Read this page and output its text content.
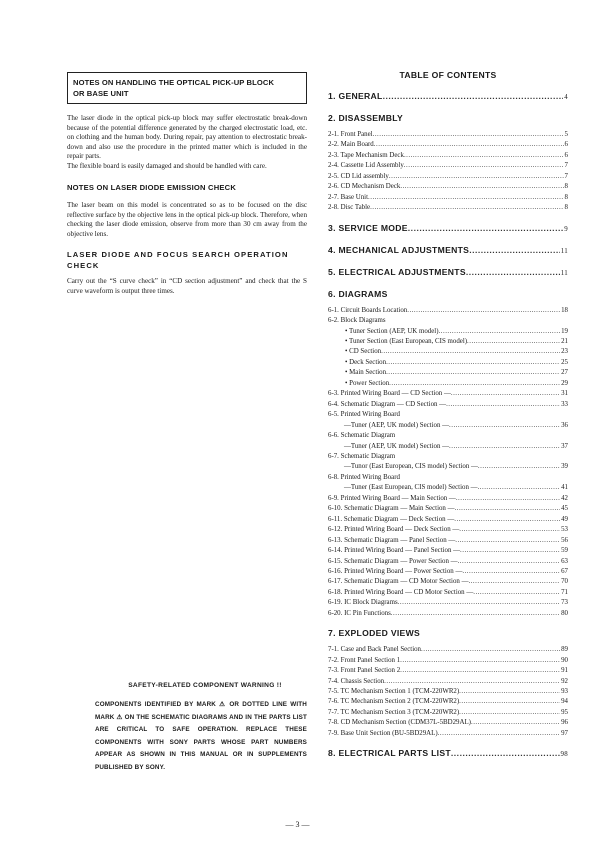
NOTES ON HANDLING THE OPTICAL PICK-UP BLOCK
OR BASE UNIT

The laser diode in the optical pick-up block may suffer electrostatic break-down because of the potential difference generated by the charged electrostatic load, etc. on clothing and the human body. During repair, pay attention to electrostatic break-down and also use the procedure in the printed matter which is included in the repair parts.

The flexible board is easily damaged and should be handled with care.

NOTES ON LASER DIODE EMISSION CHECK

The laser beam on this model is concentrated so as to be focused on the disc reflective surface by the objective lens in the optical pick-up block. Therefore, when checking the laser diode emission, observe from more than 30 cm away from the objective lens.

LASER DIODE AND FOCUS SEARCH OPERATION
CHECK

Carry out the “S curve check” in “CD section adjustment” and check that the S curve waveform is output three times.

SAFETY-RELATED COMPONENT WARNING !!

COMPONENTS IDENTIFIED BY MARK ⚠ OR DOTTED LINE WITH MARK ⚠ ON THE SCHEMATIC DIAGRAMS AND IN THE PARTS LIST ARE CRITICAL TO SAFE OPERATION. REPLACE THESE COMPONENTS WITH SONY PARTS WHOSE PART NUMBERS APPEAR AS SHOWN IN THIS MANUAL OR IN SUPPLEMENTS PUBLISHED BY SONY.

TABLE OF CONTENTS
1. GENERAL .....	4
2. DISASSEMBLY
2-1. Front Panel .....	5
2-2. Main Board .....	6
2-3. Tape Mechanism Deck .....	6
2-4. Cassette Lid Assembly .....	7
2-5. CD Lid assembly .....	7
2-6. CD Mechanism Deck .....	8
2-7. Base Unit .....	8
2-8. Disc Table .....	8
3. SERVICE MODE .....	9
4. MECHANICAL ADJUSTMENTS .....	11
5. ELECTRICAL ADJUSTMENTS .....	11
6. DIAGRAMS
6-1. Circuit Boards Location .....	18
6-2. Block Diagrams
• Tuner Section (AEP, UK model) .....	19
• Tuner Section (East European, CIS model) .....	21
• CD Section .....	23
• Deck Section .....	25
• Main Section .....	27
• Power Section .....	29
6-3. Printed Wiring Board — CD Section — .....	31
6-4. Schematic Diagram — CD Section — .....	33
6-5. Printed Wiring Board
—Tuner (AEP, UK model) Section — .....	36
6-6. Schematic Diagram
—Tuner (AEP, UK model) Section — .....	37
6-7. Schematic Diagram
—Tunor (East European, CIS model) Section — .....	39
6-8. Printed Wiring Board
—Tuner (East European, CIS model) Section — .....	41
6-9. Printed Wiring Board — Main Section — .....	42
6-10. Schematic Diagram — Main Section — .....	45
6-11. Schematic Diagram — Deck Section — .....	49
6-12. Printed Wiring Board — Deck Section — .....	53
6-13. Schematic Diagram — Panel Section — .....	56
6-14. Printed Wiring Board — Panel Section — .....	59
6-15. Schematic Diagram — Power Section — .....	63
6-16. Printed Wiring Board — Power Section — .....	67
6-17. Schematic Diagram — CD Motor Section — .....	70
6-18. Printed Wiring Board — CD Motor Section — .....	71
6-19. IC Block Diagrams .....	73
6-20. IC Pin Functions .....	80
7. EXPLODED VIEWS
7-1. Case and Back Panel Section .....	89
7-2. Front Panel Section 1 .....	90
7-3. Front Panel Section 2 .....	91
7-4. Chassis Section .....	92
7-5. TC Mechanism Section 1 (TCM-220WR2) .....	93
7-6. TC Mechanism Section 2 (TCM-220WR2) .....	94
7-7. TC Mechanism Section 3 (TCM-220WR2) .....	95
7-8. CD Mechanism Section (CDM37L-5BD29AL) .....	96
7-9. Base Unit Section (BU-5BD29AL) .....	97
8. ELECTRICAL PARTS LIST .....	98
— 3 —
